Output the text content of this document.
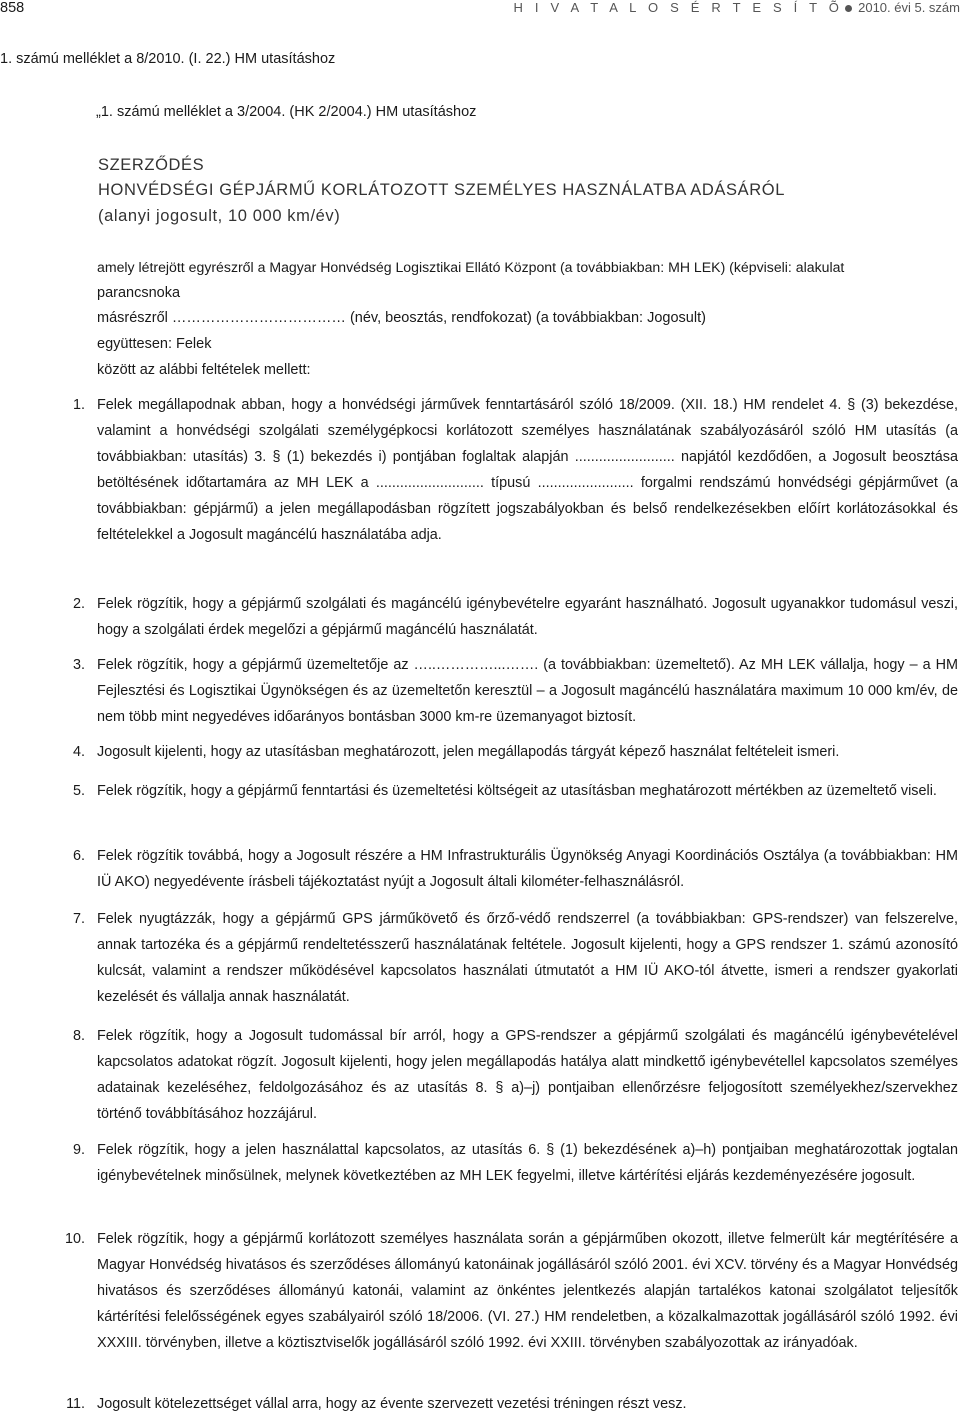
858	H I V A T A L O S É R T E S Í T Õ 2010. évi 5. szám
1. számú melléklet a 8/2010. (I. 22.) HM utasításhoz
„1. számú melléklet a 3/2004. (HK 2/2004.) HM utasításhoz
SZERZŐDÉS
HONVÉDSÉGI GÉPJÁRMŰ KORLÁTOZOTT SZEMÉLYES HASZNÁLATBA ADÁSÁRÓL
(alanyi jogosult, 10 000 km/év)
amely létrejött egyrészről a Magyar Honvédség Logisztikai Ellátó Központ (a továbbiakban: MH LEK) (képviseli: alakulat
parancsnoka
másrészről ……………………………… (név, beosztás, rendfokozat) (a továbbiakban: Jogosult)
együttesen: Felek
között az alábbi feltételek mellett:
1. Felek megállapodnak abban, hogy a honvédségi járművek fenntartásáról szóló 18/2009. (XII. 18.) HM rendelet 4. § (3) bekezdése, valamint a honvédségi szolgálati személygépkocsi korlátozott személyes használatának szabályozásáról szóló HM utasítás (a továbbiakban: utasítás) 3. § (1) bekezdés i) pontjában foglaltak alapján ......................... napjától kezdődően, a Jogosult beosztása betöltésének időtartamára az MH LEK a ........................... típusú ........................ forgalmi rendszámú honvédségi gépjárművet (a továbbiakban: gépjármű) a jelen megállapodásban rögzített jogszabályokban és belső rendelkezésekben előírt korlátozásokkal és feltételekkel a Jogosult magáncélú használatába adja.
2. Felek rögzítik, hogy a gépjármű szolgálati és magáncélú igénybevételre egyaránt használható. Jogosult ugyanakkor tudomásul veszi, hogy a szolgálati érdek megelőzi a gépjármű magáncélú használatát.
3. Felek rögzítik, hogy a gépjármű üzemeltetője az …..…………...……. (a továbbiakban: üzemeltető). Az MH LEK vállalja, hogy – a HM Fejlesztési és Logisztikai Ügynökségen és az üzemeltetőn keresztül – a Jogosult magáncélú használatára maximum 10 000 km/év, de nem több mint negyedéves időarányos bontásban 3000 km-re üzemanyagot biztosít.
4. Jogosult kijelenti, hogy az utasításban meghatározott, jelen megállapodás tárgyát képező használat feltételeit ismeri.
5. Felek rögzítik, hogy a gépjármű fenntartási és üzemeltetési költségeit az utasításban meghatározott mértékben az üzemeltető viseli.
6. Felek rögzítik továbbá, hogy a Jogosult részére a HM Infrastrukturális Ügynökség Anyagi Koordinációs Osztálya (a továbbiakban: HM IÜ AKO) negyedévente írásbeli tájékoztatást nyújt a Jogosult általi kilométer-felhasználásról.
7. Felek nyugtázzák, hogy a gépjármű GPS járműkövető és őrző-védő rendszerrel (a továbbiakban: GPS-rendszer) van felszerelve, annak tartozéka és a gépjármű rendeltetésszerű használatának feltétele. Jogosult kijelenti, hogy a GPS rendszer 1. számú azonosító kulcsát, valamint a rendszer működésével kapcsolatos használati útmutatót a HM IÜ AKO-tól átvette, ismeri a rendszer gyakorlati kezelését és vállalja annak használatát.
8. Felek rögzítik, hogy a Jogosult tudomással bír arról, hogy a GPS-rendszer a gépjármű szolgálati és magáncélú igénybevételével kapcsolatos adatokat rögzít. Jogosult kijelenti, hogy jelen megállapodás hatálya alatt mindkettő igénybevétellel kapcsolatos személyes adatainak kezeléséhez, feldolgozásához és az utasítás 8. § a)–j) pontjaiban ellenőrzésre feljogosított személyekhez/szervekhez történő továbbításához hozzájárul.
9. Felek rögzítik, hogy a jelen használattal kapcsolatos, az utasítás 6. § (1) bekezdésének a)–h) pontjaiban meghatározottak jogtalan igénybevételnek minősülnek, melynek következtében az MH LEK fegyelmi, illetve kártérítési eljárás kezdeményezésére jogosult.
10. Felek rögzítik, hogy a gépjármű korlátozott személyes használata során a gépjárműben okozott, illetve felmerült kár megtérítésére a Magyar Honvédség hivatásos és szerződéses állományú katonáinak jogállásáról szóló 2001. évi XCV. törvény és a Magyar Honvédség hivatásos és szerződéses állományú katonái, valamint az önkéntes jelentkezés alapján tartalékos katonai szolgálatot teljesítők kártérítési felelősségének egyes szabályairól szóló 18/2006. (VI. 27.) HM rendeletben, a közalkalmazottak jogállásáról szóló 1992. évi XXXIII. törvényben, illetve a köztisztviselők jogállásáról szóló 1992. évi XXIII. törvényben szabályozottak az irányadóak.
11. Jogosult kötelezettséget vállal arra, hogy az évente szervezett vezetési tréningen részt vesz.
